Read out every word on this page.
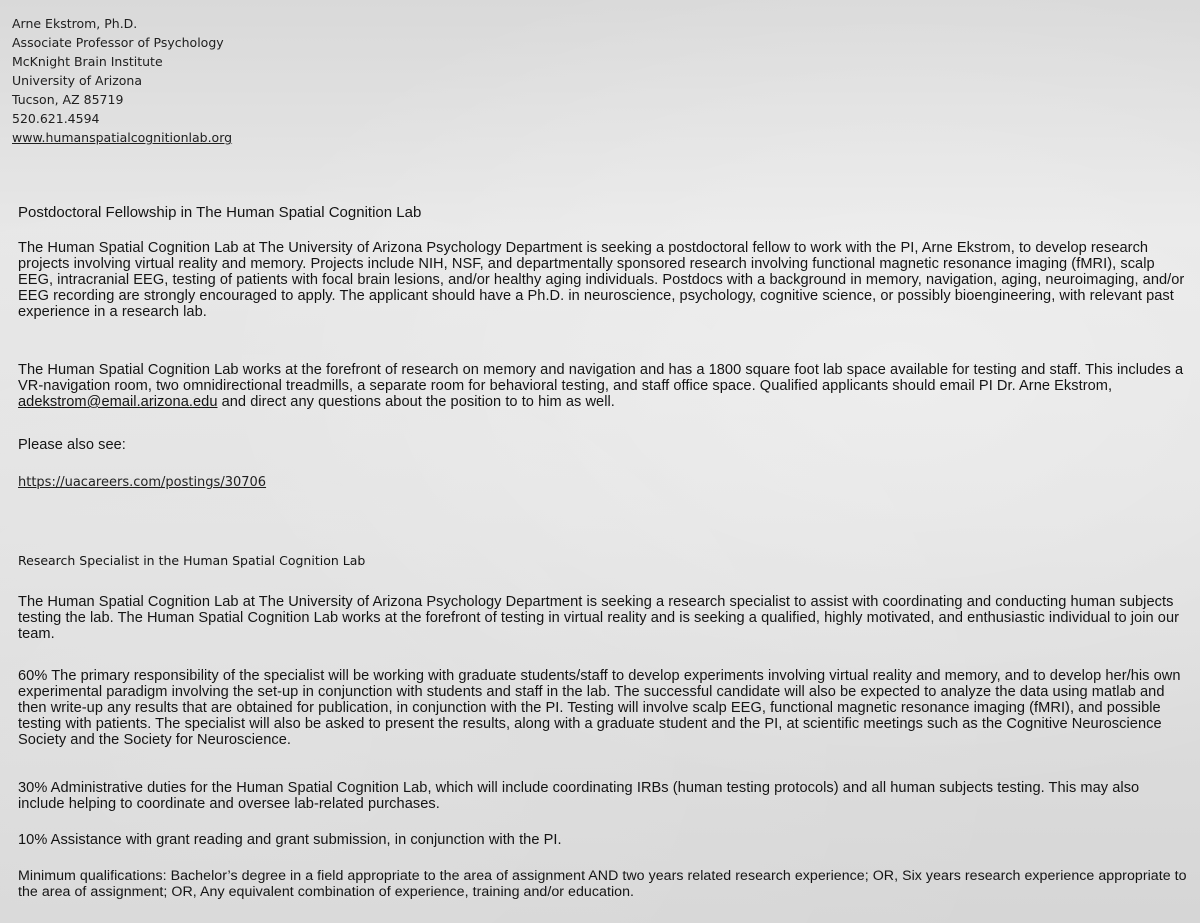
Arne Ekstrom, Ph.D.
Associate Professor of Psychology
McKnight Brain Institute
University of Arizona
Tucson, AZ 85719
520.621.4594
www.humanspatialcognitionlab.org
Postdoctoral Fellowship in The Human Spatial Cognition Lab
The Human Spatial Cognition Lab at The University of Arizona Psychology Department is seeking a postdoctoral fellow to work with the PI, Arne Ekstrom, to develop research projects involving virtual reality and memory. Projects include NIH, NSF, and departmentally sponsored research involving functional magnetic resonance imaging (fMRI), scalp EEG, intracranial EEG, testing of patients with focal brain lesions, and/or healthy aging individuals. Postdocs with a background in memory, navigation, aging, neuroimaging, and/or EEG recording are strongly encouraged to apply. The applicant should have a Ph.D. in neuroscience, psychology, cognitive science, or possibly bioengineering, with relevant past experience in a research lab.
The Human Spatial Cognition Lab works at the forefront of research on memory and navigation and has a 1800 square foot lab space available for testing and staff. This includes a VR-navigation room, two omnidirectional treadmills, a separate room for behavioral testing, and staff office space. Qualified applicants should email PI Dr. Arne Ekstrom, adekstrom@email.arizona.edu and direct any questions about the position to to him as well.
Please also see:
https://uacareers.com/postings/30706
Research Specialist in the Human Spatial Cognition Lab
The Human Spatial Cognition Lab at The University of Arizona Psychology Department is seeking a research specialist to assist with coordinating and conducting human subjects testing the lab. The Human Spatial Cognition Lab works at the forefront of testing in virtual reality and is seeking a qualified, highly motivated, and enthusiastic individual to join our team.
60% The primary responsibility of the specialist will be working with graduate students/staff to develop experiments involving virtual reality and memory, and to develop her/his own experimental paradigm involving the set-up in conjunction with students and staff in the lab. The successful candidate will also be expected to analyze the data using matlab and then write-up any results that are obtained for publication, in conjunction with the PI. Testing will involve scalp EEG, functional magnetic resonance imaging (fMRI), and possible testing with patients. The specialist will also be asked to present the results, along with a graduate student and the PI, at scientific meetings such as the Cognitive Neuroscience Society and the Society for Neuroscience.
30% Administrative duties for the Human Spatial Cognition Lab, which will include coordinating IRBs (human testing protocols) and all human subjects testing. This may also include helping to coordinate and oversee lab-related purchases.
10% Assistance with grant reading and grant submission, in conjunction with the PI.
Minimum qualifications: Bachelor’s degree in a field appropriate to the area of assignment AND two years related research experience; OR, Six years research experience appropriate to the area of assignment; OR, Any equivalent combination of experience, training and/or education.
